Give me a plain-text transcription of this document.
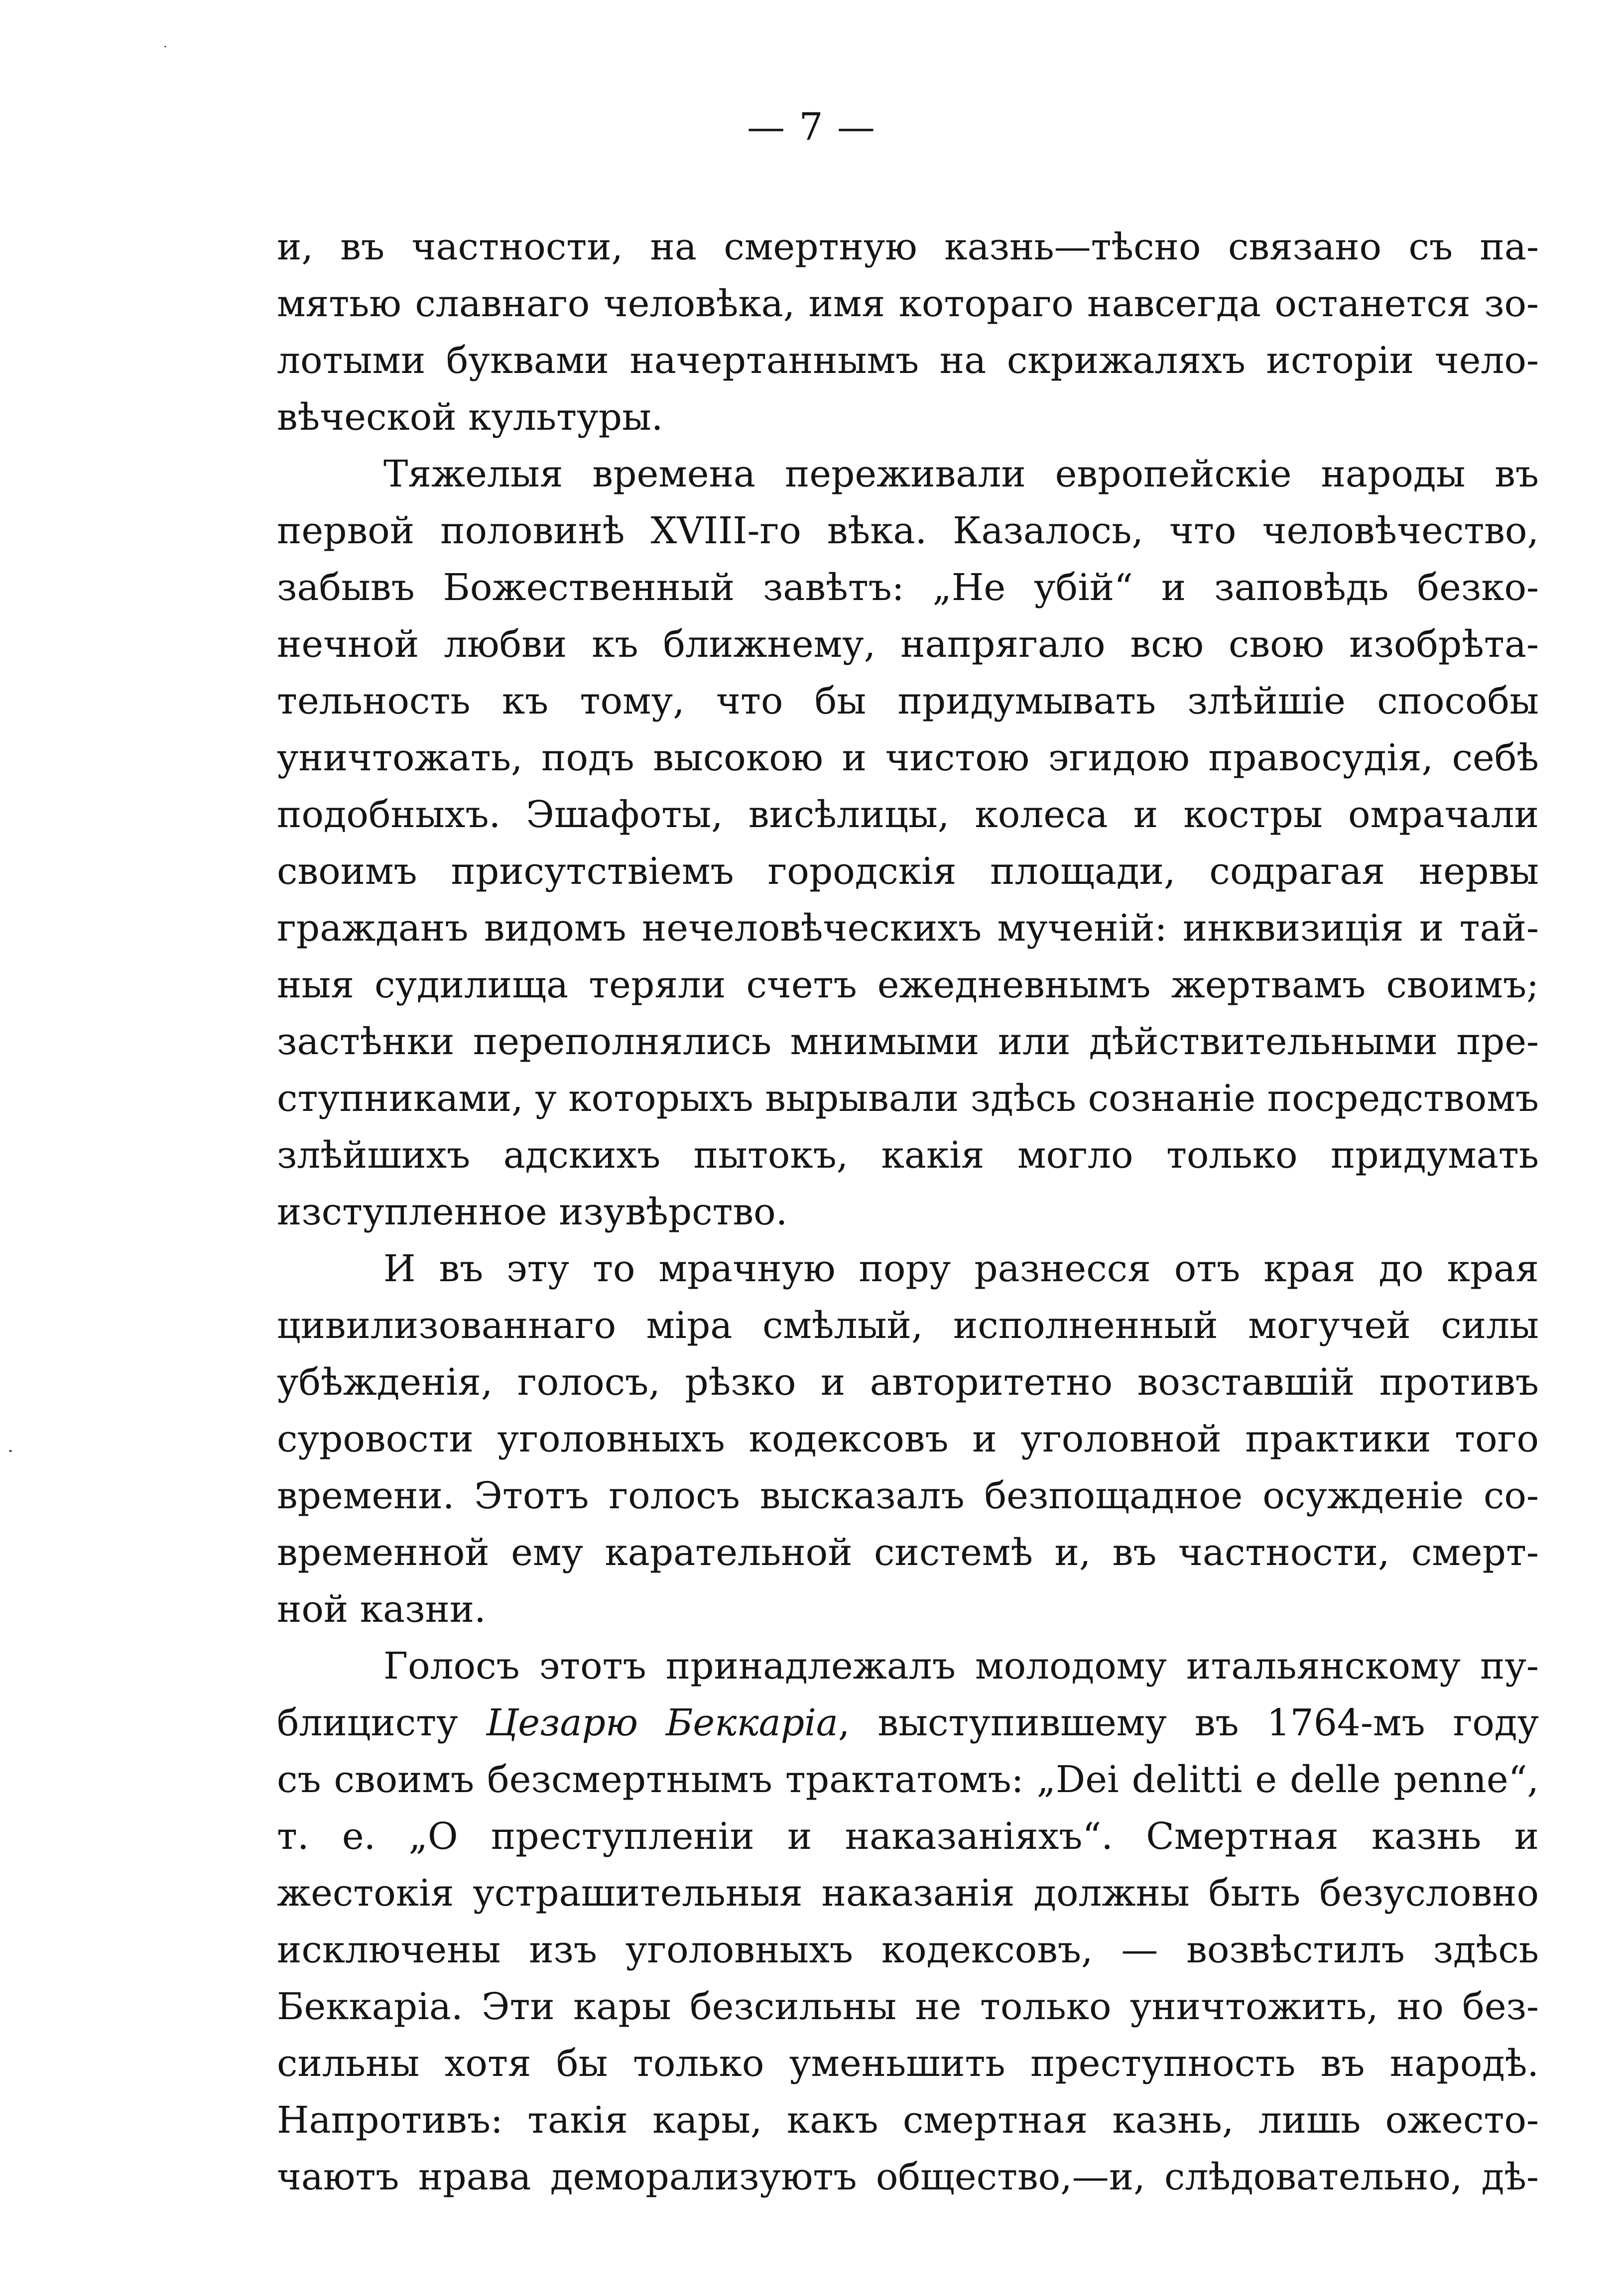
— 7 —
и, въ частности, на смертную казнь—тѣсно связано съ па-
мятью славнаго человѣка, имя котораго навсегда останется зо-
лотыми буквами начертаннымъ на скрижаляхъ исторіи чело-
вѣческой культуры.
Тяжелыя времена переживали европейскіе народы въ
первой половинѣ XVIII-го вѣка. Казалось, что человѣчество,
забывъ Божественный завѣтъ: „Не убій“ и заповѣдь безко-
нечной любви къ ближнему, напрягало всю свою изобрѣта-
тельность къ тому, что бы придумывать злѣйшіе способы
уничтожать, подъ высокою и чистою эгидою правосудія, себѣ
подобныхъ. Эшафоты, висѣлицы, колеса и костры омрачали
своимъ присутствіемъ городскія площади, содрагая нервы
гражданъ видомъ нечеловѣческихъ мученій: инквизиція и тай-
ныя судилища теряли счетъ ежедневнымъ жертвамъ своимъ;
застѣнки переполнялись мнимыми или дѣйствительными пре-
ступниками, у которыхъ вырывали здѣсь сознаніе посредствомъ
злѣйшихъ адскихъ пытокъ, какія могло только придумать
изступленное изувѣрство.
И въ эту то мрачную пору разнесся отъ края до края
цивилизованнаго міра смѣлый, исполненный могучей силы
убѣжденія, голосъ, рѣзко и авторитетно возставшій противъ
суровости уголовныхъ кодексовъ и уголовной практики того
времени. Этотъ голосъ высказалъ безпощадное осужденіе со-
временной ему карательной системѣ и, въ частности, смерт-
ной казни.
Голосъ этотъ принадлежалъ молодому итальянскому пу-
блицисту Цезарю Беккаріа, выступившему въ 1764-мъ году
съ своимъ безсмертнымъ трактатомъ: „Dei delitti e delle penne“,
т. е. „О преступленіи и наказаніяхъ“. Смертная казнь и
жестокія устрашительныя наказанія должны быть безусловно
исключены изъ уголовныхъ кодексовъ, — возвѣстилъ здѣсь
Беккаріа. Эти кары безсильны не только уничтожить, но без-
сильны хотя бы только уменьшить преступность въ народѣ.
Напротивъ: такія кары, какъ смертная казнь, лишь ожесто-
чаютъ нрава деморализуютъ общество,—и, слѣдовательно, дѣ-
